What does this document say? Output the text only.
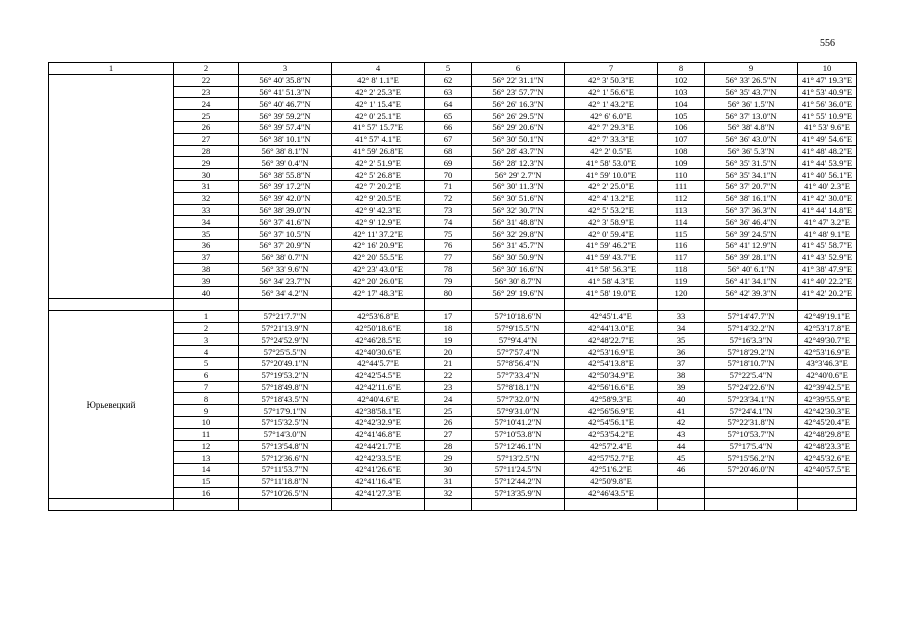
556
1	2	3	4	5	6	7	8	9	10
	22	56° 40' 35.8"N	42° 8' 1.1"E	62	56° 22' 31.1"N	42° 3' 50.3"E	102	56° 33' 26.5"N	41° 47' 19.3"E
	23	56° 41' 51.3"N	42° 2' 25.3"E	63	56° 23' 57.7"N	42° 1' 56.6"E	103	56° 35' 43.7"N	41° 53' 40.9"E
	24	56° 40' 46.7"N	42° 1' 15.4"E	64	56° 26' 16.3"N	42° 1' 43.2"E	104	56° 36' 1.5"N	41° 56' 36.0"E
	25	56° 39' 59.2"N	42° 0' 25.1"E	65	56° 26' 29.5"N	42° 6' 6.0"E	105	56° 37' 13.0"N	41° 55' 10.9"E
	26	56° 39' 57.4"N	41° 57' 15.7"E	66	56° 29' 20.6"N	42° 7' 29.3"E	106	56° 38' 4.8"N	41° 53' 9.6"E
	27	56° 38' 10.1"N	41° 57' 4.1"E	67	56° 30' 50.1"N	42° 7' 33.3"E	107	56° 36' 43.0"N	41° 49' 54.6"E
	28	56° 38' 8.1"N	41° 59' 26.8"E	68	56° 28' 43.7"N	42° 2' 0.5"E	108	56° 36' 5.3"N	41° 48' 48.2"E
	29	56° 39' 0.4"N	42° 2' 51.9"E	69	56° 28' 12.3"N	41° 58' 53.0"E	109	56° 35' 31.5"N	41° 44' 53.9"E
	30	56° 38' 55.8"N	42° 5' 26.8"E	70	56° 29' 2.7"N	41° 59' 10.0"E	110	56° 35' 34.1"N	41° 40' 56.1"E
	31	56° 39' 17.2"N	42° 7' 20.2"E	71	56° 30' 11.3"N	42° 2' 25.0"E	111	56° 37' 20.7"N	41° 40' 2.3"E
	32	56° 39' 42.0"N	42° 9' 20.5"E	72	56° 30' 51.6"N	42° 4' 13.2"E	112	56° 38' 16.1"N	41° 42' 30.0"E
	33	56° 38' 39.0"N	42° 9' 42.3"E	73	56° 32' 30.7"N	42° 5' 53.2"E	113	56° 37' 36.3"N	41° 44' 14.8"E
	34	56° 37' 41.6"N	42° 9' 12.9"E	74	56° 31' 48.8"N	42° 3' 58.9"E	114	56° 36' 46.4"N	41° 47' 3.2"E
	35	56° 37' 10.5"N	42° 11' 37.2"E	75	56° 32' 29.8"N	42° 0' 59.4"E	115	56° 39' 24.5"N	41° 48' 9.1"E
	36	56° 37' 20.9"N	42° 16' 20.9"E	76	56° 31' 45.7"N	41° 59' 46.2"E	116	56° 41' 12.9"N	41° 45' 58.7"E
	37	56° 38' 0.7"N	42° 20' 55.5"E	77	56° 30' 50.9"N	41° 59' 43.7"E	117	56° 39' 28.1"N	41° 43' 52.9"E
	38	56° 33' 9.6"N	42° 23' 43.0"E	78	56° 30' 16.6"N	41° 58' 56.3"E	118	56° 40' 6.1"N	41° 38' 47.9"E
	39	56° 34' 23.7"N	42° 20' 26.0"E	79	56° 30' 8.7"N	41° 58' 4.3"E	119	56° 41' 34.1"N	41° 40' 22.2"E
	40	56° 34' 4.2"N	42° 17' 48.3"E	80	56° 29' 19.6"N	41° 58' 19.0"E	120	56° 42' 39.3"N	41° 42' 20.2"E

Юрьевецкий	1	57°21'7.7"N	42°53'6.8"E	17	57°10'18.6"N	42°45'1.4"E	33	57°14'47.7"N	42°49'19.1"E
	2	57°21'13.9"N	42°50'18.6"E	18	57°9'15.5"N	42°44'13.0"E	34	57°14'32.2"N	42°53'17.8"E
	3	57°24'52.9"N	42°46'28.5"E	19	57°9'4.4"N	42°48'22.7"E	35	57°16'3.3"N	42°49'30.7"E
	4	57°25'5.5"N	42°40'30.6"E	20	57°7'57.4"N	42°53'16.9"E	36	57°18'29.2"N	42°53'16.9"E
	5	57°20'49.1"N	42°44'5.7"E	21	57°8'56.4"N	42°54'13.8"E	37	57°18'10.7"N	43°3'46.3"E
	6	57°19'53.2"N	42°42'54.5"E	22	57°7'33.4"N	42°50'34.9"E	38	57°22'5.4"N	42°40'0.6"E
	7	57°18'49.8"N	42°42'11.6"E	23	57°8'18.1"N	42°56'16.6"E	39	57°24'22.6"N	42°39'42.5"E
	8	57°18'43.5"N	42°40'4.6"E	24	57°7'32.0"N	42°58'9.3"E	40	57°23'34.1"N	42°39'55.9"E
	9	57°17'9.1"N	42°38'58.1"E	25	57°9'31.0"N	42°56'56.9"E	41	57°24'4.1"N	42°42'30.3"E
	10	57°15'32.5"N	42°42'32.9"E	26	57°10'41.2"N	42°54'56.1"E	42	57°22'31.8"N	42°45'20.4"E
	11	57°14'3.0"N	42°41'46.8"E	27	57°10'53.8"N	42°53'54.2"E	43	57°10'53.7"N	42°48'29.8"E
	12	57°13'54.8"N	42°44'21.7"E	28	57°12'46.1"N	42°57'2.4"E	44	57°17'5.4"N	42°48'23.3"E
	13	57°12'36.6"N	42°42'33.5"E	29	57°13'2.5"N	42°57'52.7"E	45	57°15'56.2"N	42°45'32.6"E
	14	57°11'53.7"N	42°41'26.6"E	30	57°11'24.5"N	42°51'6.2"E	46	57°20'46.0"N	42°40'57.5"E
	15	57°11'18.8"N	42°41'16.4"E	31	57°12'44.2"N	42°50'9.8"E			
	16	57°10'26.5"N	42°41'27.3"E	32	57°13'35.9"N	42°46'43.5"E			
